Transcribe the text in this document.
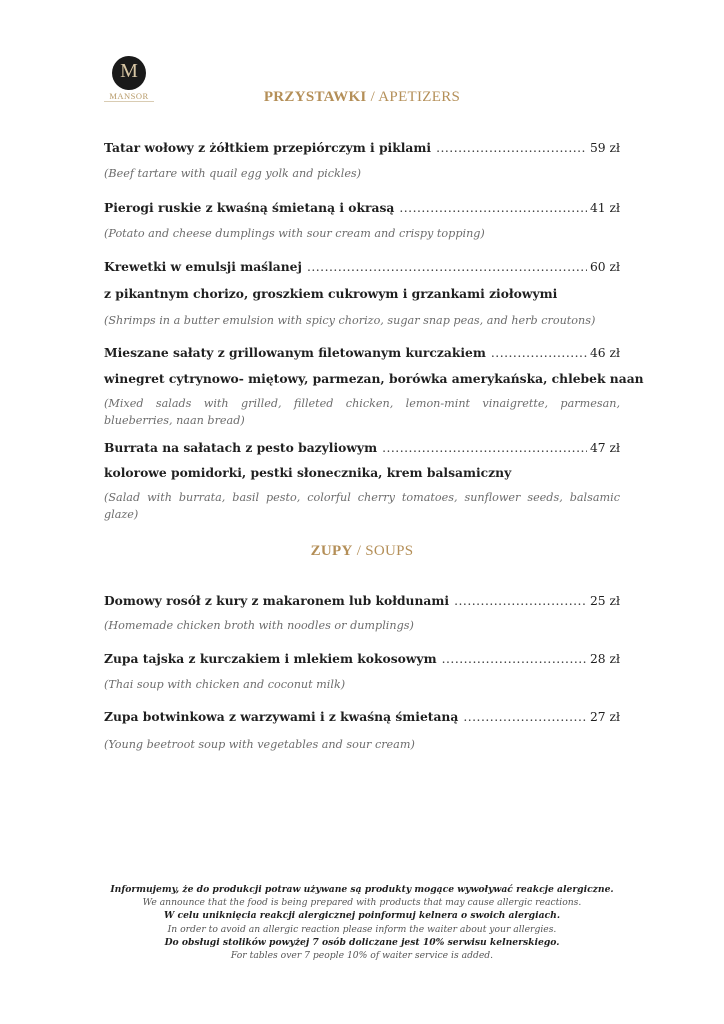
M
MANSOR	PRZYSTAWKI / APETIZERS
Tatar wołowy z żółtkiem przepiórczym i piklami .....	59 zł
(Beef tartare with quail egg yolk and pickles)
Pierogi ruskie z kwaśną śmietaną i okrasą .....	41 zł
(Potato and cheese dumplings with sour cream and crispy topping)
Krewetki w emulsji maślanej .....	60 zł
z pikantnym chorizo, groszkiem cukrowym i grzankami ziołowymi
(Shrimps in a butter emulsion with spicy chorizo, sugar snap peas, and herb croutons)
Mieszane sałaty z grillowanym filetowanym kurczakiem .....	46 zł
winegret cytrynowo- miętowy, parmezan, borówka amerykańska, chlebek naan
(Mixed salads with grilled, filleted chicken, lemon-mint vinaigrette, parmesan, blueberries, naan bread)
Burrata na sałatach z pesto bazyliowym .....	47 zł
kolorowe pomidorki, pestki słonecznika, krem balsamiczny
(Salad with burrata, basil pesto, colorful cherry tomatoes, sunflower seeds, balsamic glaze)
ZUPY / SOUPS
Domowy rosół z kury z makaronem lub kołdunami .....	25 zł
(Homemade chicken broth with noodles or dumplings)
Zupa tajska z kurczakiem i mlekiem kokosowym .....	28 zł
(Thai soup with chicken and coconut milk)
Zupa botwinkowa z warzywami i z kwaśną śmietaną .....	27 zł
(Young beetroot soup with vegetables and sour cream)
Informujemy, że do produkcji potraw używane są produkty mogące wywoływać reakcje alergiczne.
We announce that the food is being prepared with products that may cause allergic reactions.
W celu uniknięcia reakcji alergicznej poinformuj kelnera o swoich alergiach.
In order to avoid an allergic reaction please inform the waiter about your allergies.
Do obsługi stolików powyżej 7 osób doliczane jest 10% serwisu kelnerskiego.
For tables over 7 people 10% of waiter service is added.
